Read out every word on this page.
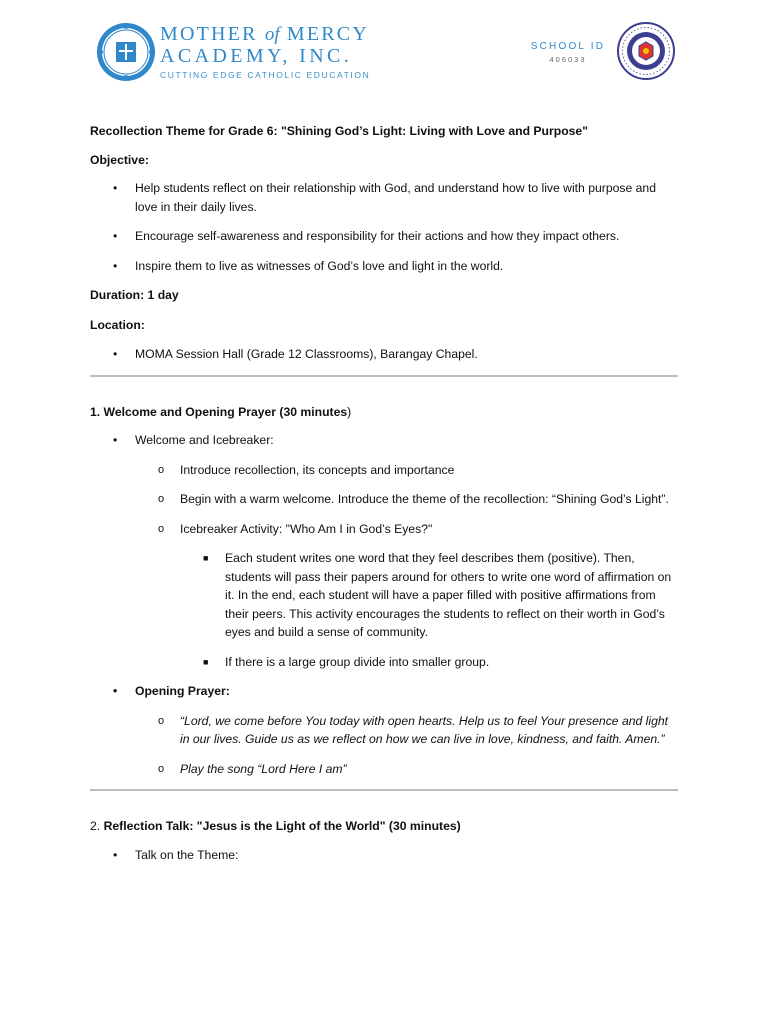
MOTHER of MERCY
ACADEMY, INC.
CUTTING EDGE CATHOLIC EDUCATION
SCHOOL ID
406033

Recollection Theme for Grade 6: "Shining God’s Light: Living with Love and Purpose"

Objective:

•	Help students reflect on their relationship with God, and understand how to live with purpose and love in their daily lives.
•	Encourage self-awareness and responsibility for their actions and how they impact others.
•	Inspire them to live as witnesses of God’s love and light in the world.

Duration: 1 day

Location:

•	MOMA Session Hall (Grade 12 Classrooms), Barangay Chapel.

1. Welcome and Opening Prayer (30 minutes)

•	Welcome and Icebreaker:
o Introduce recollection, its concepts and importance
o Begin with a warm welcome. Introduce the theme of the recollection: “Shining God’s Light”.
o Icebreaker Activity: "Who Am I in God’s Eyes?"
■ Each student writes one word that they feel describes them (positive). Then, students will pass their papers around for others to write one word of affirmation on it. In the end, each student will have a paper filled with positive affirmations from their peers. This activity encourages the students to reflect on their worth in God’s eyes and build a sense of community.
■ If there is a large group divide into smaller group.
•	Opening Prayer:
o “Lord, we come before You today with open hearts. Help us to feel Your presence and light in our lives. Guide us as we reflect on how we can live in love, kindness, and faith. Amen.”
o Play the song “Lord Here I am”

2. Reflection Talk: "Jesus is the Light of the World" (30 minutes)

•	Talk on the Theme:
